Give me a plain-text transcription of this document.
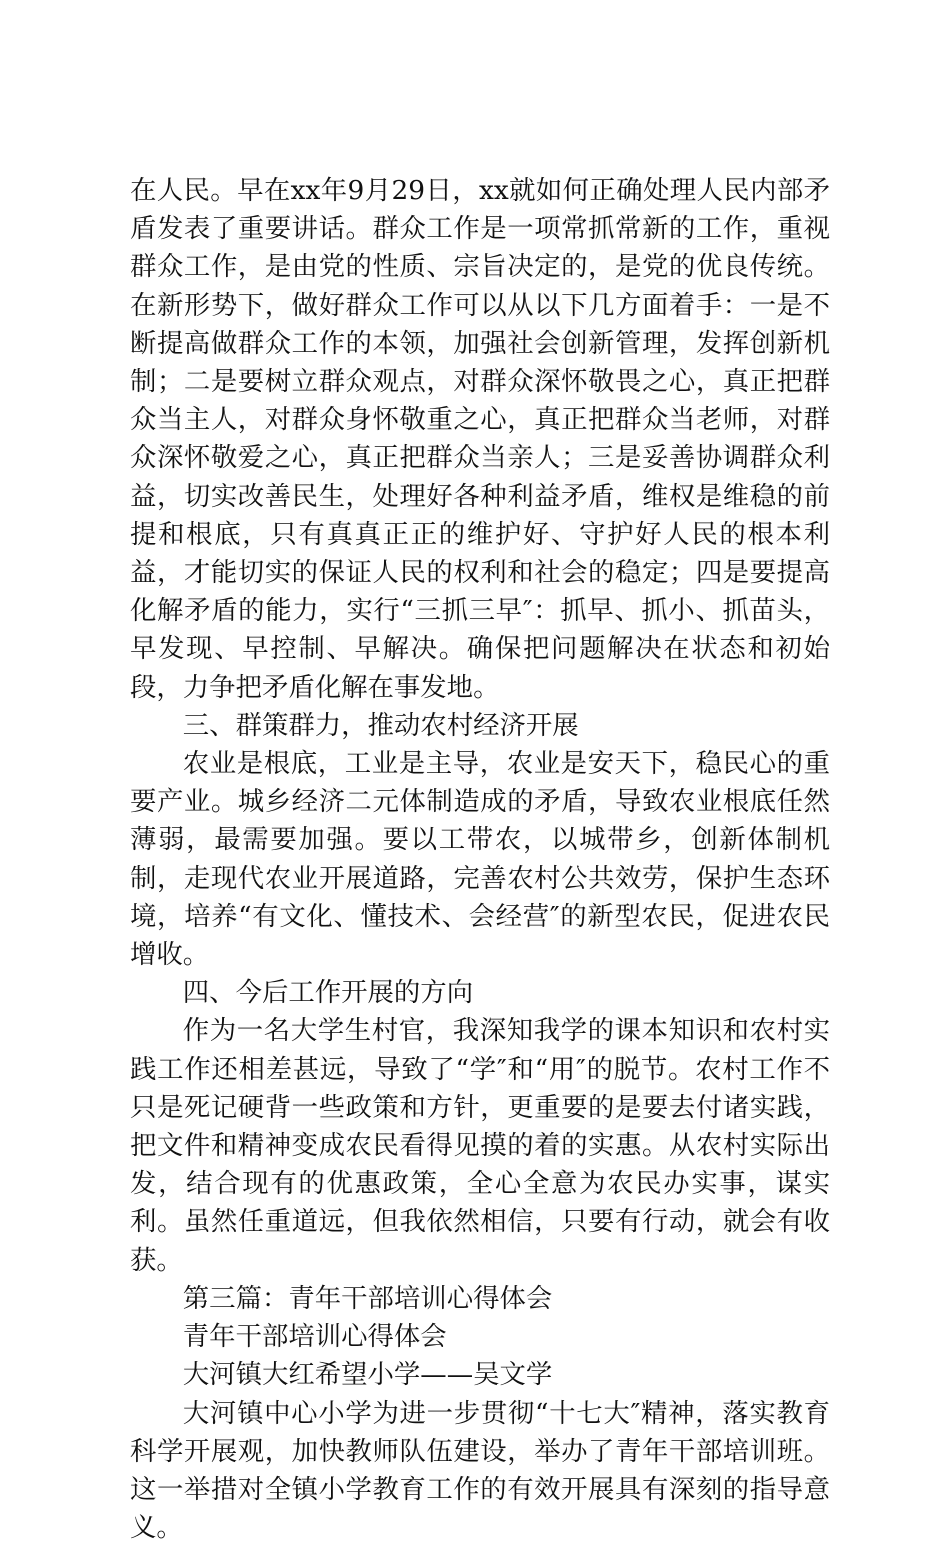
在人民。早在xx年9月29日，xx就如何正确处理人民内部矛盾发表了重要讲话。群众工作是一项常抓常新的工作，重视群众工作，是由党的性质、宗旨决定的，是党的优良传统。在新形势下，做好群众工作可以从以下几方面着手：一是不断提高做群众工作的本领，加强社会创新管理，发挥创新机制；二是要树立群众观点，对群众深怀敬畏之心，真正把群众当主人，对群众身怀敬重之心，真正把群众当老师，对群众深怀敬爱之心，真正把群众当亲人；三是妥善协调群众利益，切实改善民生，处理好各种利益矛盾，维权是维稳的前提和根底，只有真真正正的维护好、守护好人民的根本利益，才能切实的保证人民的权利和社会的稳定；四是要提高化解矛盾的能力，实行“三抓三早″：抓早、抓小、抓苗头，早发现、早控制、早解决。确保把问题解决在状态和初始段，力争把矛盾化解在事发地。

三、群策群力，推动农村经济开展

农业是根底，工业是主导，农业是安天下，稳民心的重要产业。城乡经济二元体制造成的矛盾，导致农业根底任然薄弱，最需要加强。要以工带农，以城带乡，创新体制机制，走现代农业开展道路，完善农村公共效劳，保护生态环境，培养“有文化、懂技术、会经营″的新型农民，促进农民增收。

四、今后工作开展的方向

作为一名大学生村官，我深知我学的课本知识和农村实践工作还相差甚远，导致了“学″和“用″的脱节。农村工作不只是死记硬背一些政策和方针，更重要的是要去付诸实践，把文件和精神变成农民看得见摸的着的实惠。从农村实际出发，结合现有的优惠政策，全心全意为农民办实事，谋实利。虽然任重道远，但我依然相信，只要有行动，就会有收获。

第三篇：青年干部培训心得体会

青年干部培训心得体会

大河镇大红希望小学——吴文学

大河镇中心小学为进一步贯彻“十七大″精神，落实教育科学开展观，加快教师队伍建设，举办了青年干部培训班。这一举措对全镇小学教育工作的有效开展具有深刻的指导意义。
